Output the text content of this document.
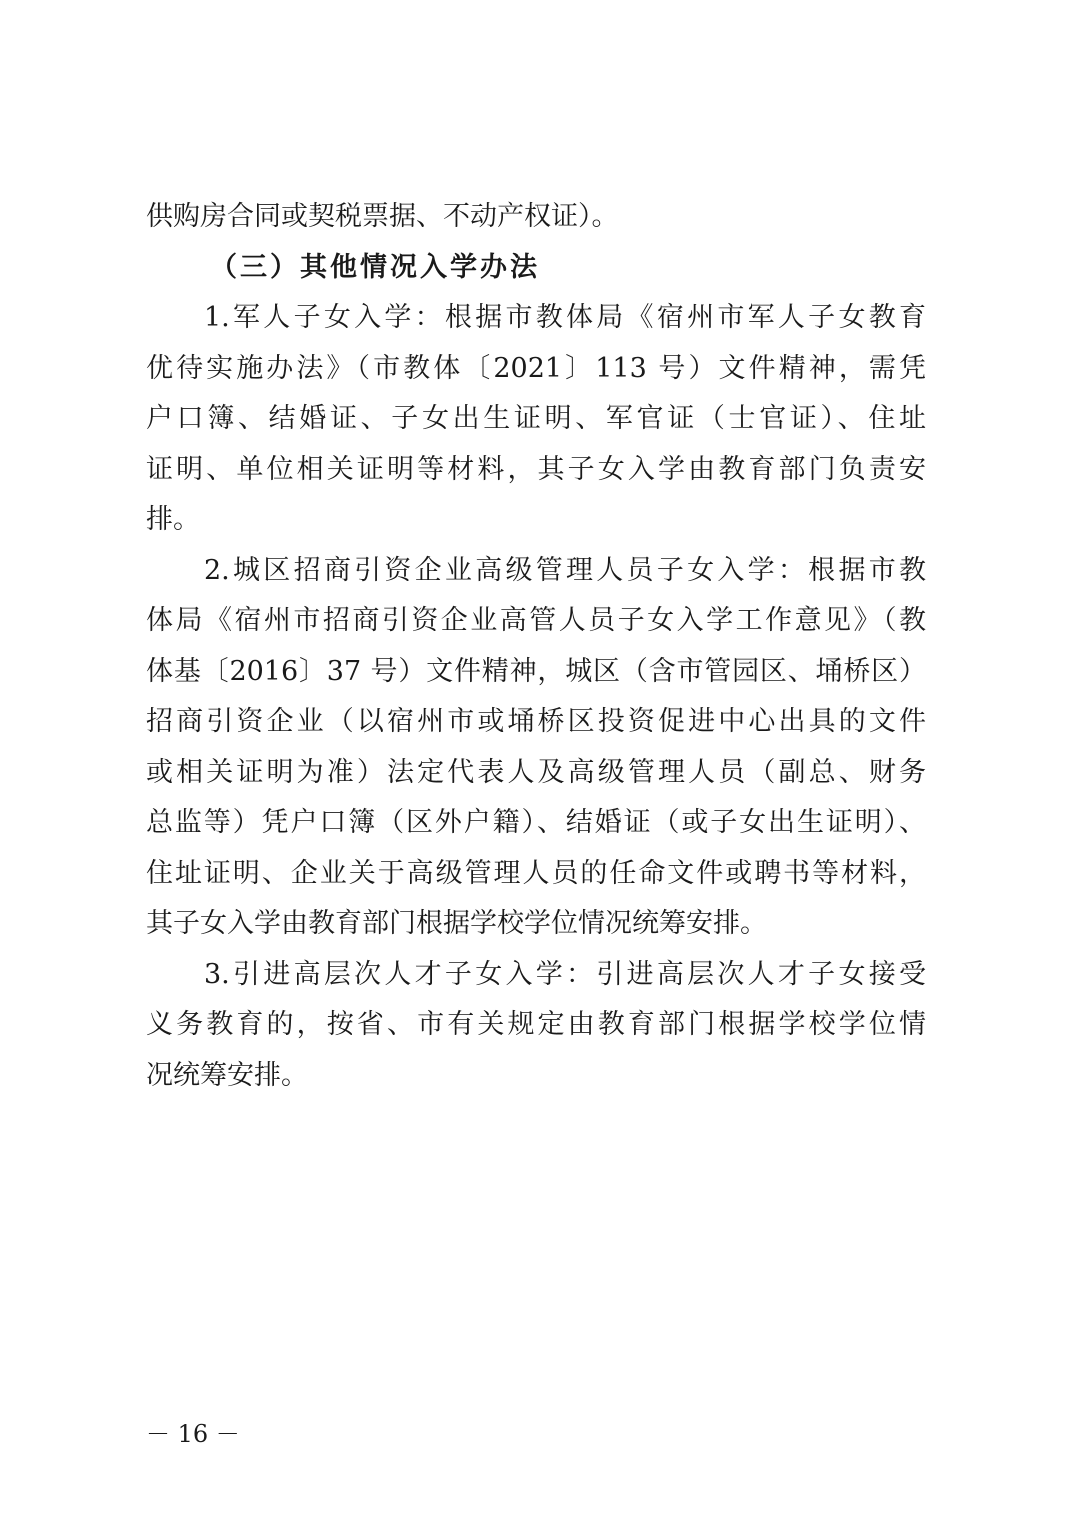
供购房合同或契税票据、不动产权证）。
（三）其他情况入学办法
1.军人子女入学：根据市教体局《宿州市军人子女教育
优待实施办法》（市教体〔2021〕113 号）文件精神，需凭
户口簿、结婚证、子女出生证明、军官证（士官证）、住址
证明、单位相关证明等材料，其子女入学由教育部门负责安
排。
2.城区招商引资企业高级管理人员子女入学：根据市教
体局《宿州市招商引资企业高管人员子女入学工作意见》（教
体基〔2016〕37 号）文件精神，城区（含市管园区、埇桥区）
招商引资企业（以宿州市或埇桥区投资促进中心出具的文件
或相关证明为准）法定代表人及高级管理人员（副总、财务
总监等）凭户口簿（区外户籍）、结婚证（或子女出生证明）、
住址证明、企业关于高级管理人员的任命文件或聘书等材料，
其子女入学由教育部门根据学校学位情况统筹安排。
3.引进高层次人才子女入学：引进高层次人才子女接受
义务教育的，按省、市有关规定由教育部门根据学校学位情
况统筹安排。
－ 16 －
